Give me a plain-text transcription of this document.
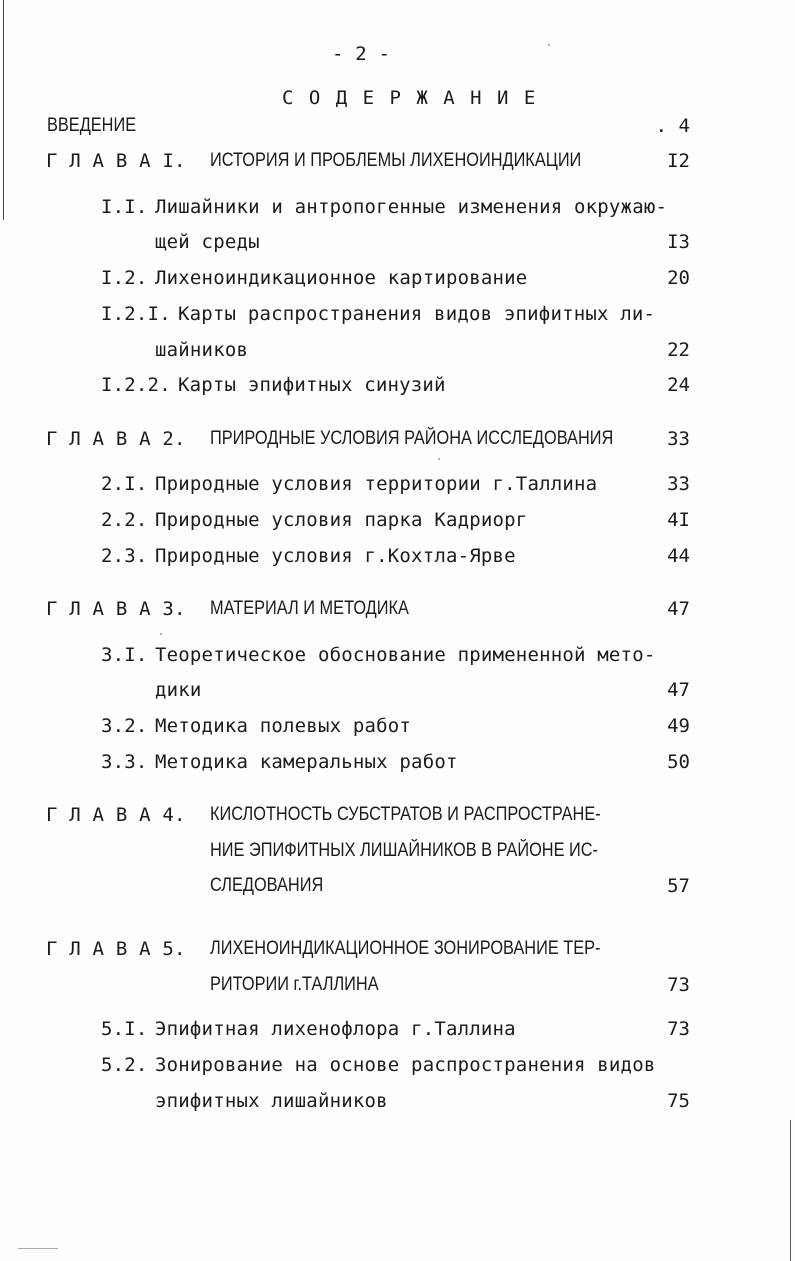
- 2 -
С О Д Е Р Ж А Н И Е
ВВЕДЕНИЕ	. 4
Г Л А В А I. ИСТОРИЯ И ПРОБЛЕМЫ ЛИХЕНОИНДИКАЦИИ	I2
I.I. Лишайники и антропогенные изменения окружаю-
щей среды	I3
I.2. Лихеноиндикационное картирование	20
I.2.I. Карты распространения видов эпифитных ли-
шайников	22
I.2.2. Карты эпифитных синузий	24
Г Л А В А 2. ПРИРОДНЫЕ УСЛОВИЯ РАЙОНА ИССЛЕДОВАНИЯ	33
2.I. Природные условия территории г.Таллина	33
2.2. Природные условия парка Кадриорг	4I
2.3. Природные условия г.Кохтла-Ярве	44
Г Л А В А 3. МАТЕРИАЛ И МЕТОДИКА	47
3.I. Теоретическое обоснование примененной мето-
дики	47
3.2. Методика полевых работ	49
3.3. Методика камеральных работ	50
Г Л А В А 4. КИСЛОТНОСТЬ СУБСТРАТОВ И РАСПРОСТРАНЕ-
НИЕ ЭПИФИТНЫХ ЛИШАЙНИКОВ В РАЙОНЕ ИС-
СЛЕДОВАНИЯ	57
Г Л А В А 5. ЛИХЕНОИНДИКАЦИОННОЕ ЗОНИРОВАНИЕ ТЕР-
РИТОРИИ г.ТАЛЛИНА	73
5.I. Эпифитная лихенофлора г.Таллина	73
5.2. Зонирование на основе распространения видов
эпифитных лишайников	75
